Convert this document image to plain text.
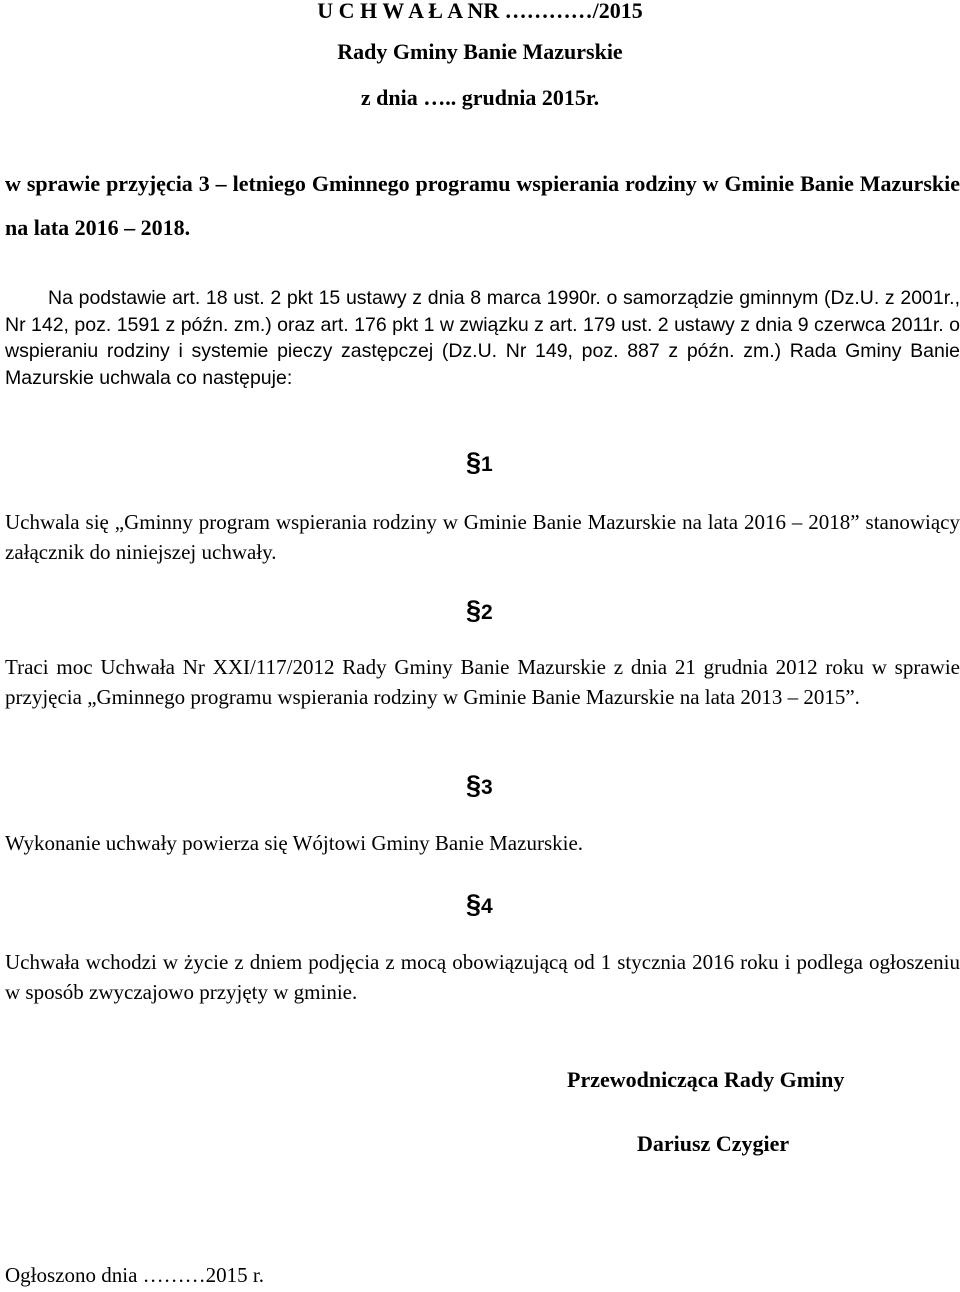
U C H W A Ł A NR …………/2015
Rady Gminy Banie Mazurskie
z dnia ….. grudnia 2015r.

w sprawie przyjęcia 3 – letniego Gminnego programu wspierania rodziny w Gminie Banie Mazurskie na lata 2016 – 2018.

Na podstawie art. 18 ust. 2 pkt 15 ustawy z dnia 8 marca 1990r. o samorządzie gminnym (Dz.U. z 2001r., Nr 142, poz. 1591 z późn. zm.) oraz art. 176 pkt 1 w związku z art. 179 ust. 2 ustawy z dnia 9 czerwca 2011r. o wspieraniu rodziny i systemie pieczy zastępczej (Dz.U. Nr 149, poz. 887 z późn. zm.) Rada Gminy Banie Mazurskie uchwala co następuje:

§1

Uchwala się „Gminny program wspierania rodziny w Gminie Banie Mazurskie na lata 2016 – 2018” stanowiący załącznik do niniejszej uchwały.

§2

Traci moc Uchwała Nr XXI/117/2012 Rady Gminy Banie Mazurskie z dnia 21 grudnia 2012 roku w sprawie przyjęcia „Gminnego programu wspierania rodziny w Gminie Banie Mazurskie na lata 2013 – 2015”.

§3

Wykonanie uchwały powierza się Wójtowi Gminy Banie Mazurskie.

§4

Uchwała wchodzi w życie z dniem podjęcia z mocą obowiązującą od 1 stycznia 2016 roku i podlega ogłoszeniu w sposób zwyczajowo przyjęty w gminie.

Przewodnicząca Rady Gminy
Dariusz Czygier
Ogłoszono dnia ………2015 r.
